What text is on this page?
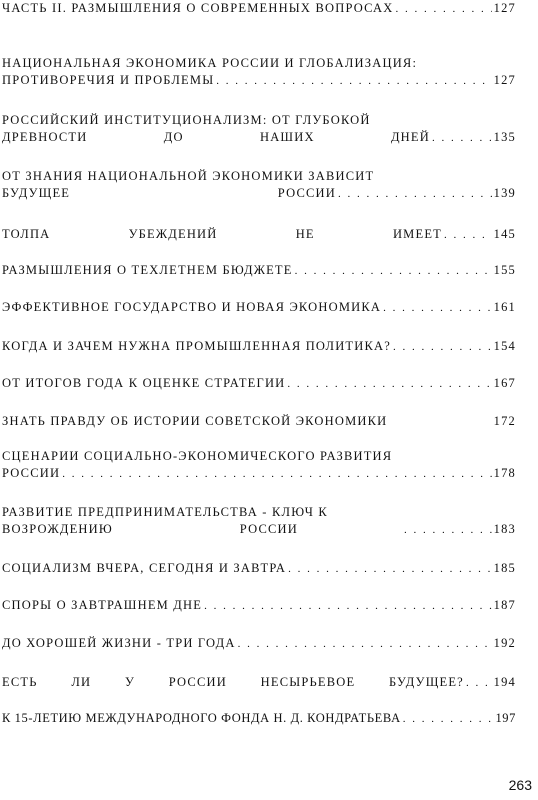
ЧАСТЬ II. РАЗМЫШЛЕНИЯ О СОВРЕМЕННЫХ ВОПРОСАХ . . .	127
НАЦИОНАЛЬНАЯ ЭКОНОМИКА РОССИИ И ГЛОБАЛИЗАЦИЯ:
ПРОТИВОРЕЧИЯ И ПРОБЛЕМЫ . . .	127
РОССИЙСКИЙ ИНСТИТУЦИОНАЛИЗМ: ОТ ГЛУБОКОЙ
ДРЕВНОСТИ	ДО	НАШИХ	ДНЕЙ . . .	135
ОТ ЗНАНИЯ НАЦИОНАЛЬНОЙ ЭКОНОМИКИ ЗАВИСИТ
БУДУЩЕЕ	РОССИИ . . .	139
ТОЛПА	УБЕЖДЕНИЙ	НЕ	ИМЕЕТ . . .	145
РАЗМЫШЛЕНИЯ О ТЕХЛЕТНЕМ БЮДЖЕТЕ . . .	155
ЭФФЕКТИВНОЕ ГОСУДАРСТВО И НОВАЯ ЭКОНОМИКА . . .	161
КОГДА И ЗАЧЕМ НУЖНА ПРОМЫШЛЕННАЯ ПОЛИТИКА? . . .	154
ОТ ИТОГОВ ГОДА К ОЦЕНКЕ СТРАТЕГИИ . . .	167
ЗНАТЬ ПРАВДУ ОБ ИСТОРИИ СОВЕТСКОЙ ЭКОНОМИКИ	172
СЦЕНАРИИ СОЦИАЛЬНО-ЭКОНОМИЧЕСКОГО РАЗВИТИЯ
РОССИИ . . .	178
РАЗВИТИЕ ПРЕДПРИНИМАТЕЛЬСТВА - КЛЮЧ К
ВОЗРОЖДЕНИЮ	РОССИИ . . .	183
СОЦИАЛИЗМ ВЧЕРА, СЕГОДНЯ И ЗАВТРА . . .	185
СПОРЫ О ЗАВТРАШНЕМ ДНЕ . . .	187
ДО ХОРОШЕЙ ЖИЗНИ - ТРИ ГОДА . . .	192
ЕСТЬ	ЛИ	У	РОССИИ	НЕСЫРЬЕВОЕ	БУДУЩЕЕ? . . . 194
К 15-ЛЕТИЮ МЕЖДУНАРОДНОГО ФОНДА Н. Д. КОНДРАТЬЕВА . . .	197
263
